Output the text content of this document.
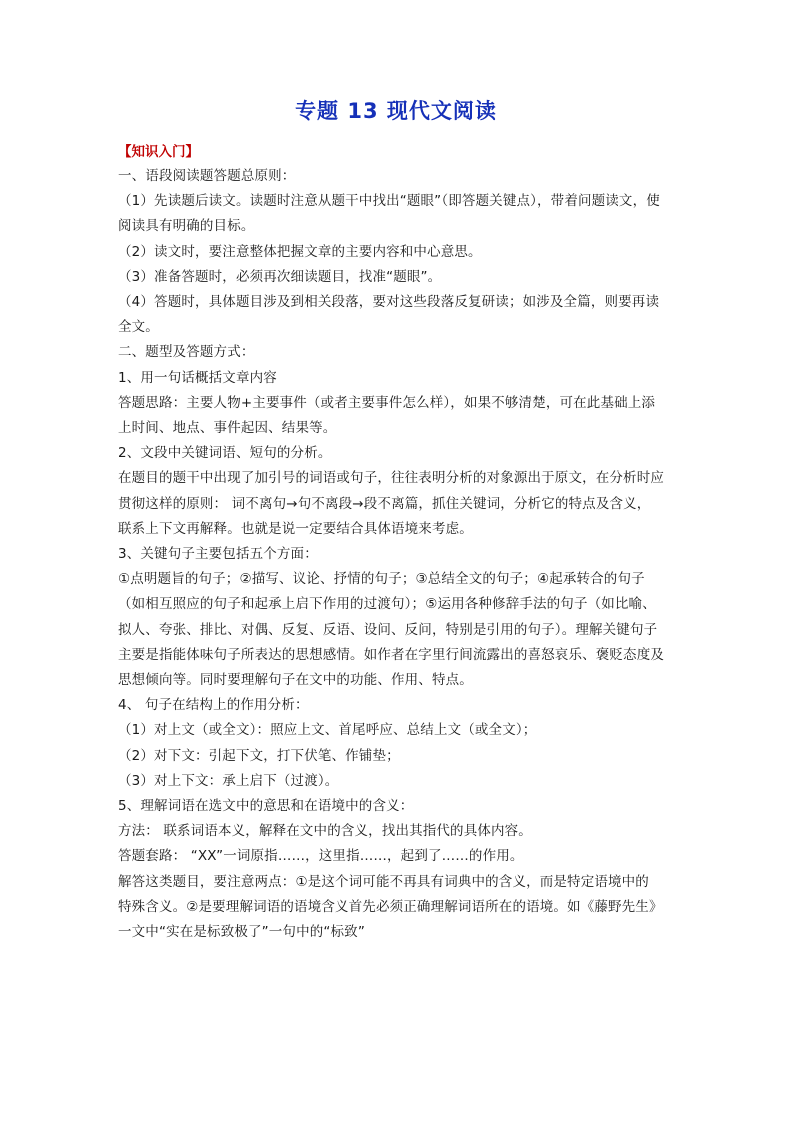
专题 13 现代文阅读
【知识入门】
一、语段阅读题答题总原则：
（1）先读题后读文。读题时注意从题干中找出“题眼”（即答题关键点），带着问题读文，使
阅读具有明确的目标。
（2）读文时，要注意整体把握文章的主要内容和中心意思。
（3）准备答题时，必须再次细读题目，找准“题眼”。
（4）答题时，具体题目涉及到相关段落，要对这些段落反复研读；如涉及全篇，则要再读
全文。
二、题型及答题方式：
1、用一句话概括文章内容
答题思路：主要人物+主要事件（或者主要事件怎么样），如果不够清楚，可在此基础上添
上时间、地点、事件起因、结果等。
2、文段中关键词语、短句的分析。
在题目的题干中出现了加引号的词语或句子，往往表明分析的对象源出于原文，在分析时应
贯彻这样的原则： 词不离句→句不离段→段不离篇，抓住关键词，分析它的特点及含义，
联系上下文再解释。也就是说一定要结合具体语境来考虑。
3、关键句子主要包括五个方面：
①点明题旨的句子；②描写、议论、抒情的句子；③总结全文的句子；④起承转合的句子
（如相互照应的句子和起承上启下作用的过渡句）；⑤运用各种修辞手法的句子（如比喻、
拟人、夸张、排比、对偶、反复、反语、设问、反问，特别是引用的句子）。理解关键句子
主要是指能体味句子所表达的思想感情。如作者在字里行间流露出的喜怒哀乐、褒贬态度及
思想倾向等。同时要理解句子在文中的功能、作用、特点。
4、 句子在结构上的作用分析：
（1）对上文（或全文）：照应上文、首尾呼应、总结上文（或全文）；
（2）对下文：引起下文，打下伏笔、作铺垫；
（3）对上下文：承上启下（过渡）。
5、理解词语在选文中的意思和在语境中的含义：
方法： 联系词语本义，解释在文中的含义，找出其指代的具体内容。
答题套路： “XX”一词原指……，这里指……，起到了……的作用。
解答这类题目，要注意两点：①是这个词可能不再具有词典中的含义，而是特定语境中的
特殊含义。②是要理解词语的语境含义首先必须正确理解词语所在的语境。如《藤野先生》
一文中“实在是标致极了”一句中的“标致”
